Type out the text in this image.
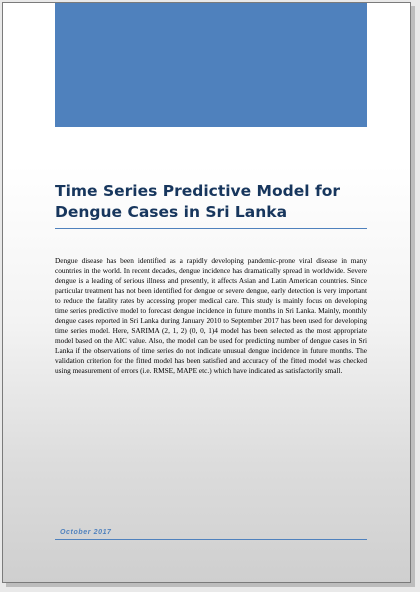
Time Series Predictive Model for
Dengue Cases in Sri Lanka

Dengue disease has been identified as a rapidly developing pandemic-prone viral disease in many countries in the world. In recent decades, dengue incidence has dramatically spread in worldwide. Severe dengue is a leading of serious illness and presently, it affects Asian and Latin American countries. Since particular treatment has not been identified for dengue or severe dengue, early detection is very important to reduce the fatality rates by accessing proper medical care. This study is mainly focus on developing time series predictive model to forecast dengue incidence in future months in Sri Lanka. Mainly, monthly dengue cases reported in Sri Lanka during January 2010 to September 2017 has been used for developing time series model. Here, SARIMA (2, 1, 2) (0, 0, 1)4 model has been selected as the most appropriate model based on the AIC value. Also, the model can be used for predicting number of dengue cases in Sri Lanka if the observations of time series do not indicate unusual dengue incidence in future months. The validation criterion for the fitted model has been satisfied and accuracy of the fitted model was checked using measurement of errors (i.e. RMSE, MAPE etc.) which have indicated as satisfactorily small.

October 2017
